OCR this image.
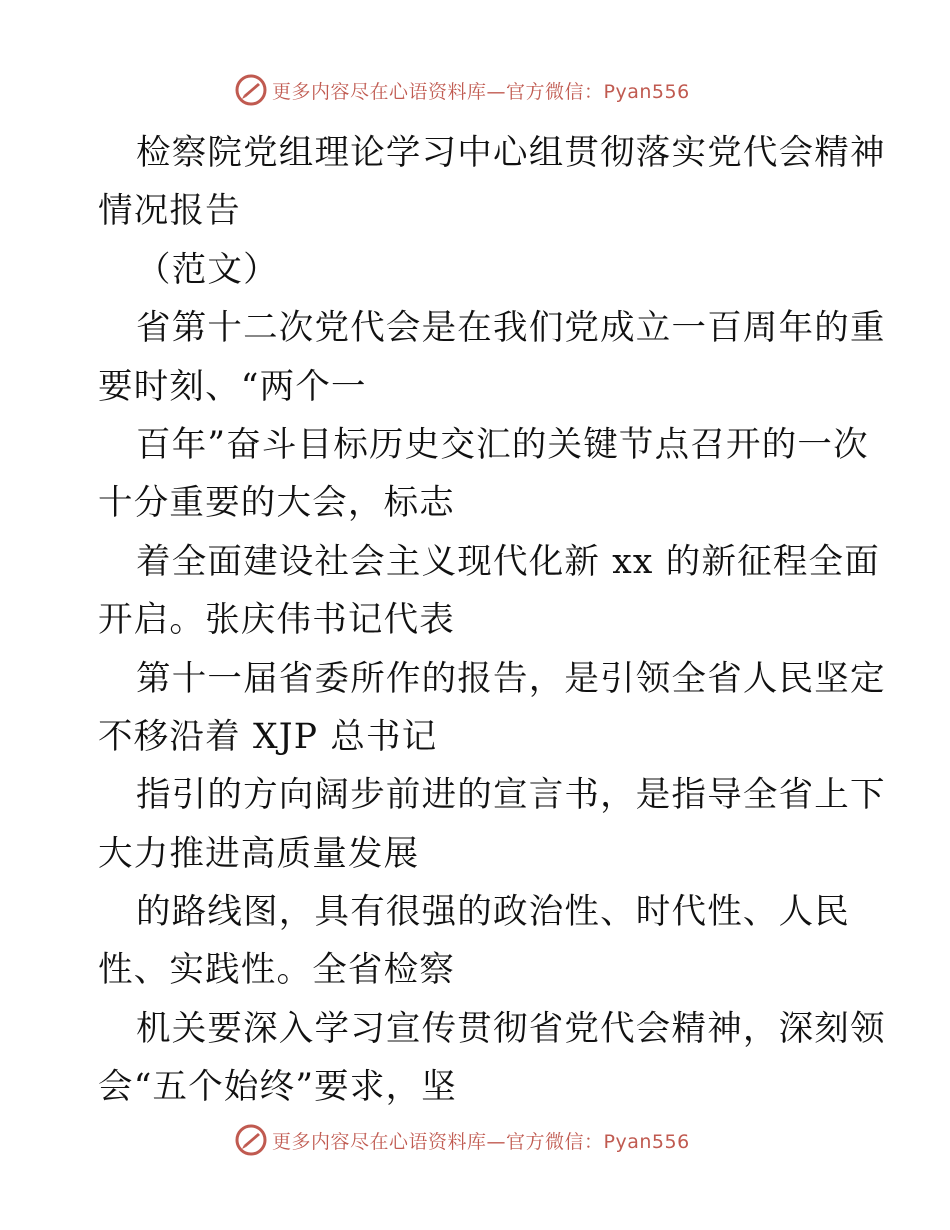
更多内容尽在心语资料库—官方微信：Pyan556
检察院党组理论学习中心组贯彻落实党代会精神
情况报告
（范文）
省第十二次党代会是在我们党成立一百周年的重
要时刻、“两个一
百年”奋斗目标历史交汇的关键节点召开的一次
十分重要的大会，标志
着全面建设社会主义现代化新 xx 的新征程全面
开启。张庆伟书记代表
第十一届省委所作的报告，是引领全省人民坚定
不移沿着 XJP 总书记
指引的方向阔步前进的宣言书，是指导全省上下
大力推进高质量发展
的路线图，具有很强的政治性、时代性、人民
性、实践性。全省检察
机关要深入学习宣传贯彻省党代会精神，深刻领
会“五个始终”要求，坚
更多内容尽在心语资料库—官方微信：Pyan556
